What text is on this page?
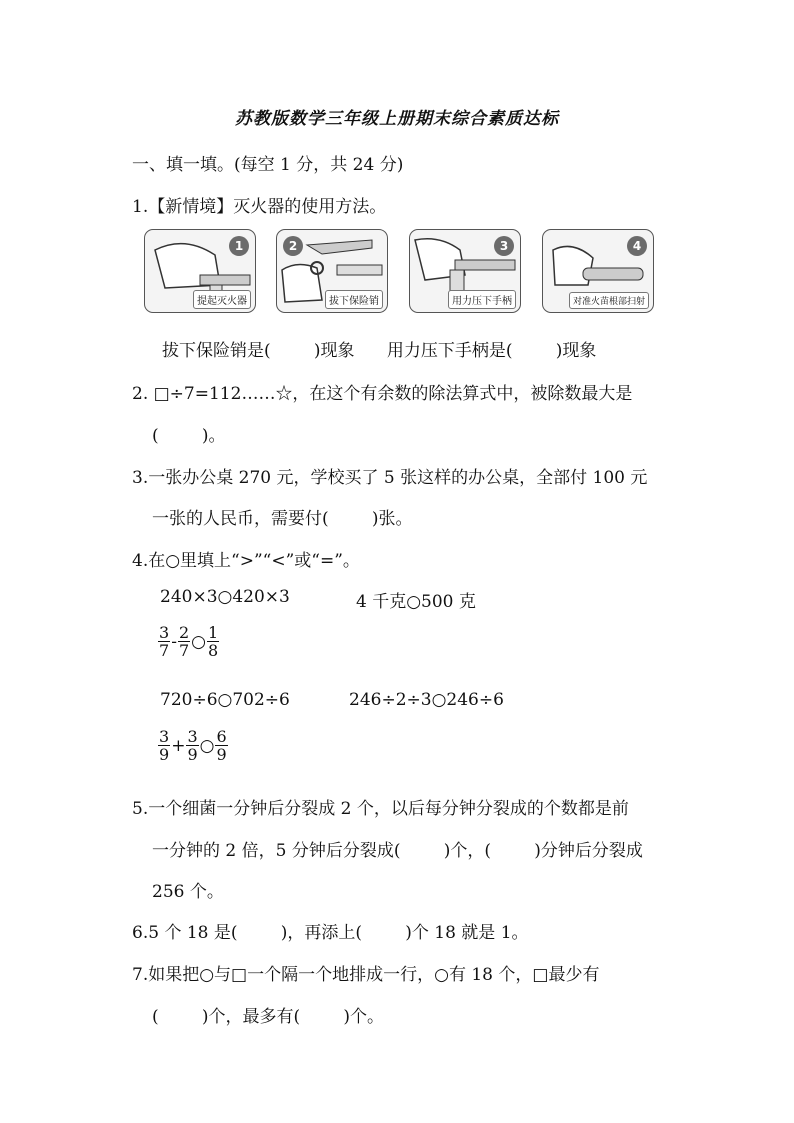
苏教版数学三年级上册期末综合素质达标
一、填一填。(每空 1 分，共 24 分)
1.【新情境】灭火器的使用方法。
1
提起灭火器
2
拔下保险销
3
用力压下手柄
4
对准火苗根部扫射
拔下保险销是(        )现象      用力压下手柄是(        )现象
2. □÷7=112……☆，在这个有余数的除法算式中，被除数最大是
(        )。
3.一张办公桌 270 元，学校买了 5 张这样的办公桌，全部付 100 元
一张的人民币，需要付(        )张。
4.在○里填上“>”“<”或“=”。
240×3○420×3	4 千克○500 克
$\frac{3}{7} - \frac{2}{7}$ ○ $\frac{1}{8}$
720÷6○702÷6	246÷2÷3○246÷6
$\frac{3}{9} + \frac{3}{9}$ ○ $\frac{6}{9}$
5.一个细菌一分钟后分裂成 2 个，以后每分钟分裂成的个数都是前
一分钟的 2 倍，5 分钟后分裂成(        )个，(        )分钟后分裂成
256 个。
6.5 个 18 是(        )，再添上(        )个 18 就是 1。
7.如果把○与□一个隔一个地排成一行，○有 18 个，□最少有
(        )个，最多有(        )个。
